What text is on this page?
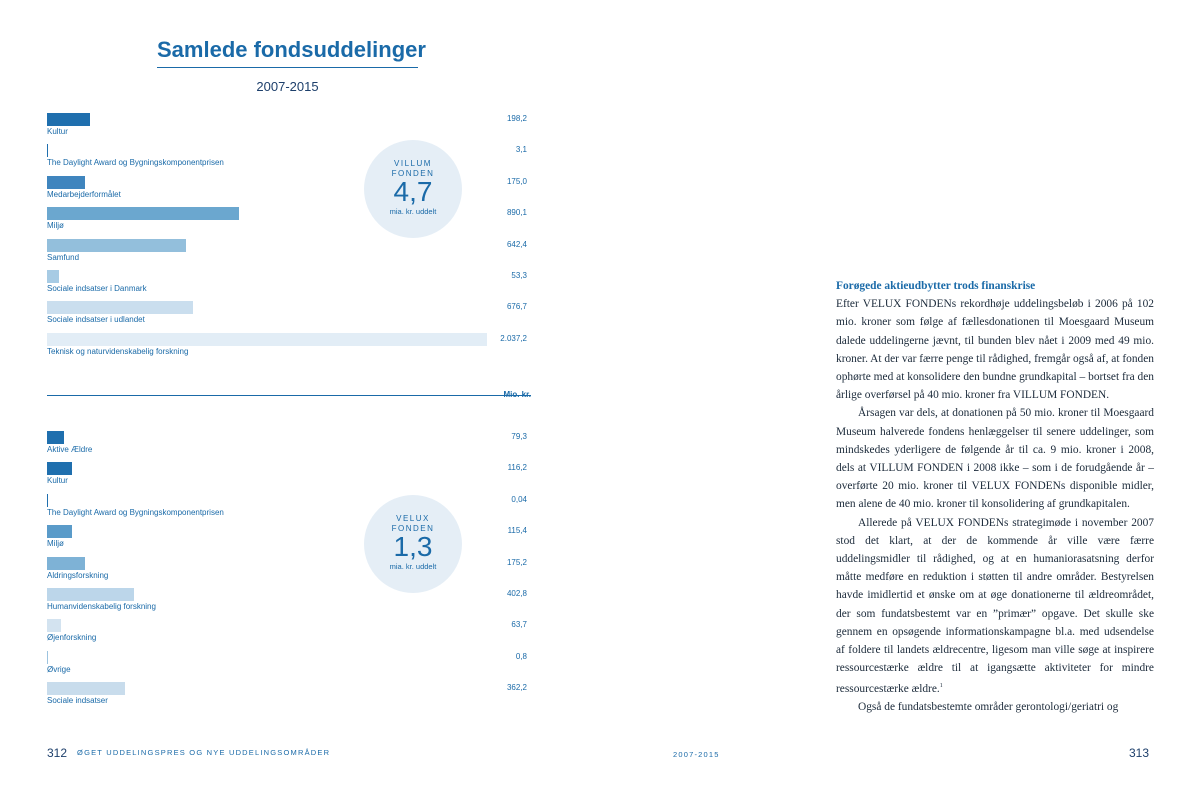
Samlede fondsuddelinger
2007-2015
Kultur
198,2
The Daylight Award og Bygningskomponentprisen
3,1
Medarbejderformålet
175,0
Miljø
890,1
Samfund
642,4
Sociale indsatser i Danmark
53,3
Sociale indsatser i udlandet
676,7
Teknisk og naturvidenskabelig forskning
2.037,2
Aktive Ældre
79,3
Kultur
116,2
The Daylight Award og Bygningskomponentprisen
0,04
Miljø
115,4
Aldringsforskning
175,2
Humanvidenskabelig forskning
402,8
Øjenforskning
63,7
Øvrige
0,8
Sociale indsatser
362,2
VILLUM
FONDEN
4,7
mia. kr. uddelt
Mio. kr.
VELUX
FONDEN
1,3
mia. kr. uddelt

Forøgede aktieudbytter trods finanskrise

Efter VELUX FONDENs rekordhøje uddelingsbeløb i 2006 på 102 mio. kroner som følge af fællesdonationen til Moesgaard Museum dalede uddelingerne jævnt, til bunden blev nået i 2009 med 49 mio. kroner. At der var færre penge til rådighed, fremgår også af, at fonden ophørte med at konsolidere den bundne grundkapital – bortset fra den årlige overførsel på 40 mio. kroner fra VILLUM FONDEN.

Årsagen var dels, at donationen på 50 mio. kroner til Moesgaard Museum halverede fondens henlæggelser til senere uddelinger, som mindskedes yderligere de følgende år til ca. 9 mio. kroner i 2008, dels at VILLUM FONDEN i 2008 ikke – som i de forudgående år – overførte 20 mio. kroner til VELUX FONDENs disponible midler, men alene de 40 mio. kroner til konsolidering af grundkapitalen.

Allerede på VELUX FONDENs strategimøde i november 2007 stod det klart, at der de kommende år ville være færre uddelingsmidler til rådighed, og at en humaniorasatsning derfor måtte medføre en reduktion i støtten til andre områder. Bestyrelsen havde imidlertid et ønske om at øge donationerne til ældreområdet, der som fundatsbestemt var en ”primær” opgave. Det skulle ske gennem en opsøgende informationskampagne bl.a. med udsendelse af foldere til landets ældrecentre, ligesom man ville søge at inspirere ressourcestærke ældre til at igangsætte aktiviteter for mindre ressourcestærke ældre.$^1$

Også de fundatsbestemte områder gerontologi/geriatri og

312 ØGET UDDELINGSPRES OG NYE UDDELINGSOMRÅDER	2007-2015	313
